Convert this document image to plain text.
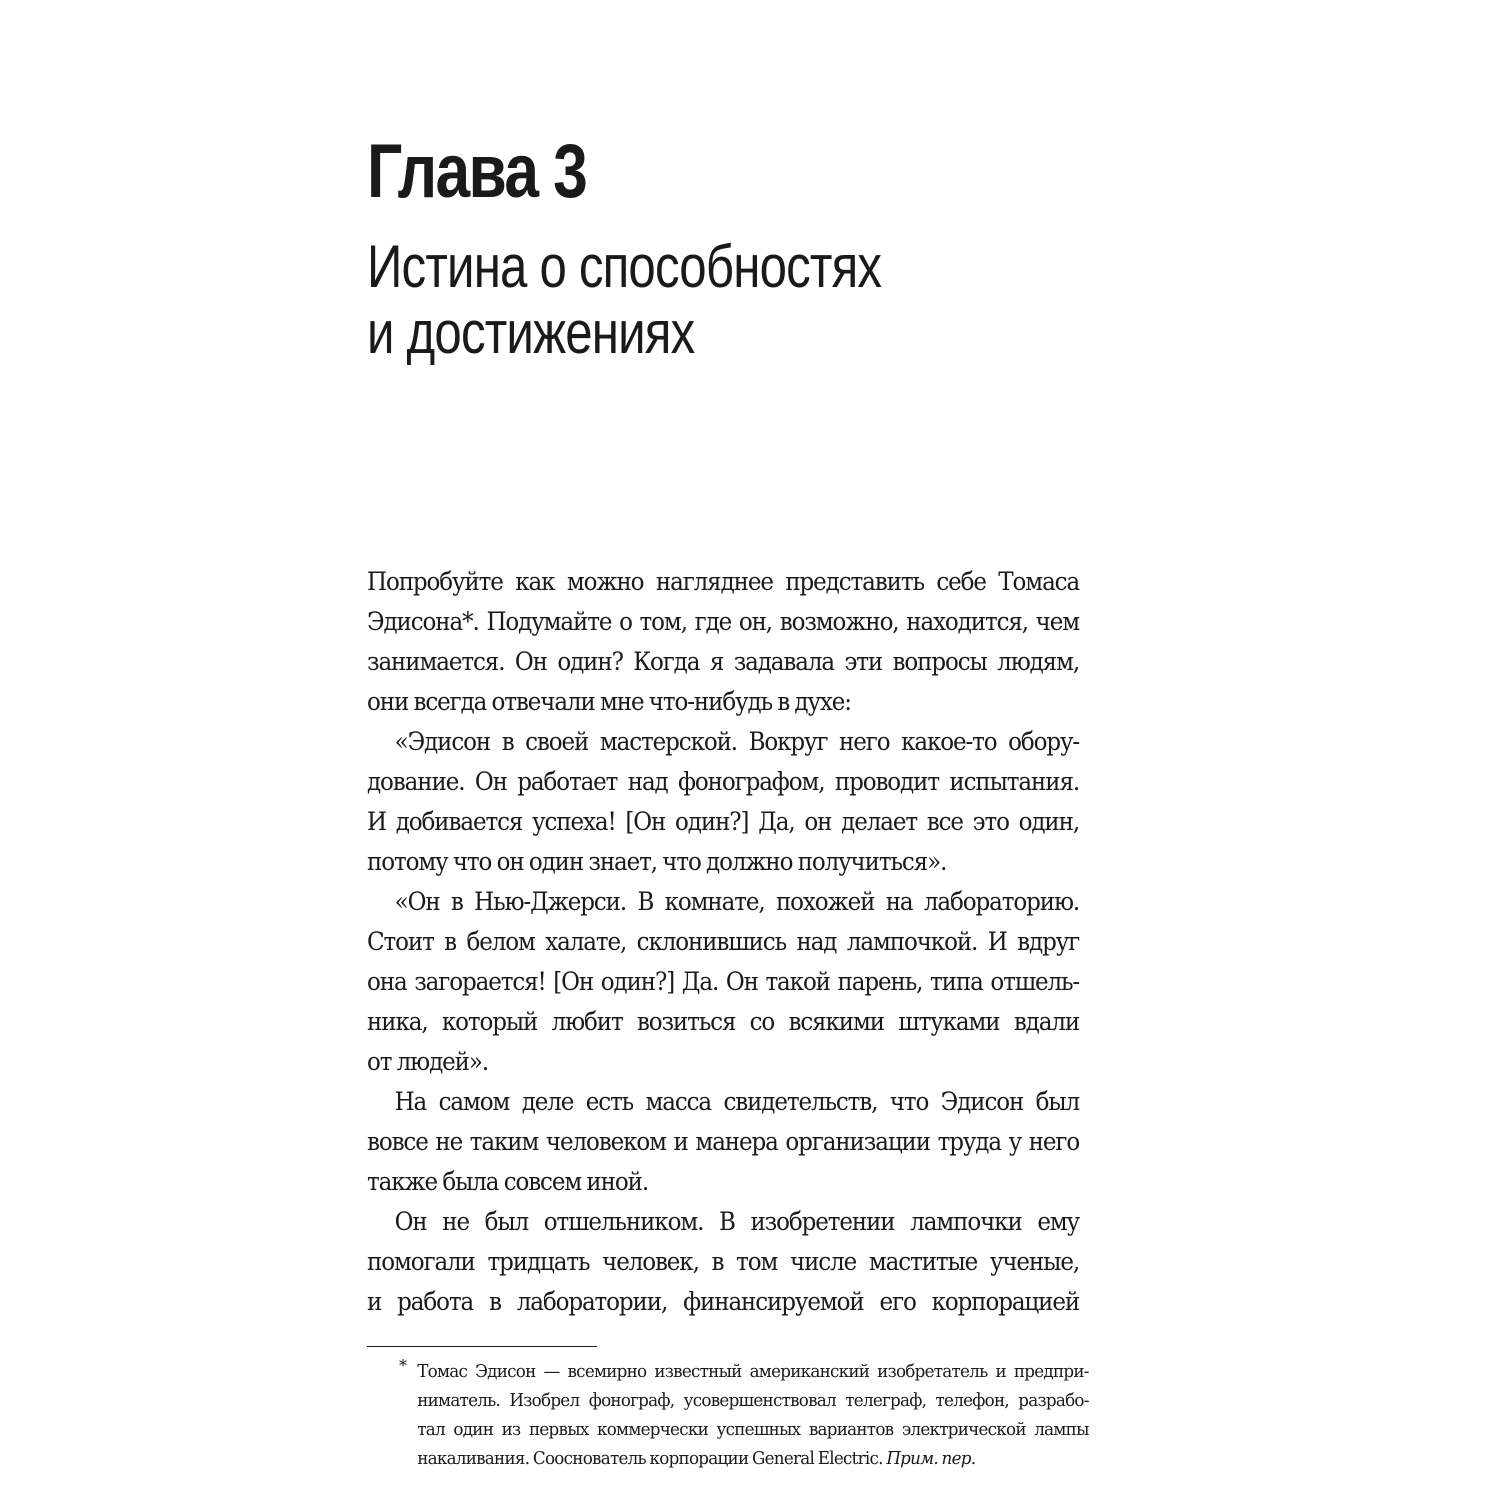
Глава 3
Истина о способностях
и достижениях

Попробуйте как можно нагляднее представить себе Томаса
Эдисона*. Подумайте о том, где он, возможно, находится, чем
занимается. Он один? Когда я задавала эти вопросы людям,
они всегда отвечали мне что-нибудь в духе:

«Эдисон в своей мастерской. Вокруг него какое-то обору-
дование. Он работает над фонографом, проводит испытания.
И добивается успеха! [Он один?] Да, он делает все это один,
потому что он один знает, что должно получиться».

«Он в Нью-Джерси. В комнате, похожей на лабораторию.
Стоит в белом халате, склонившись над лампочкой. И вдруг
она загорается! [Он один?] Да. Он такой парень, типа отшель-
ника, который любит возиться со всякими штуками вдали
от людей».

На самом деле есть масса свидетельств, что Эдисон был
вовсе не таким человеком и манера организации труда у него
также была совсем иной.

Он не был отшельником. В изобретении лампочки ему
помогали тридцать человек, в том числе маститые ученые,
и работа в лаборатории, финансируемой его корпорацией

* Томас Эдисон — всемирно известный американский изобретатель и предпри-
ниматель. Изобрел фонограф, усовершенствовал телеграф, телефон, разрабо-
тал один из первых коммерчески успешных вариантов электрической лампы
накаливания. Сооснователь корпорации General Electric. Прим. пер.
